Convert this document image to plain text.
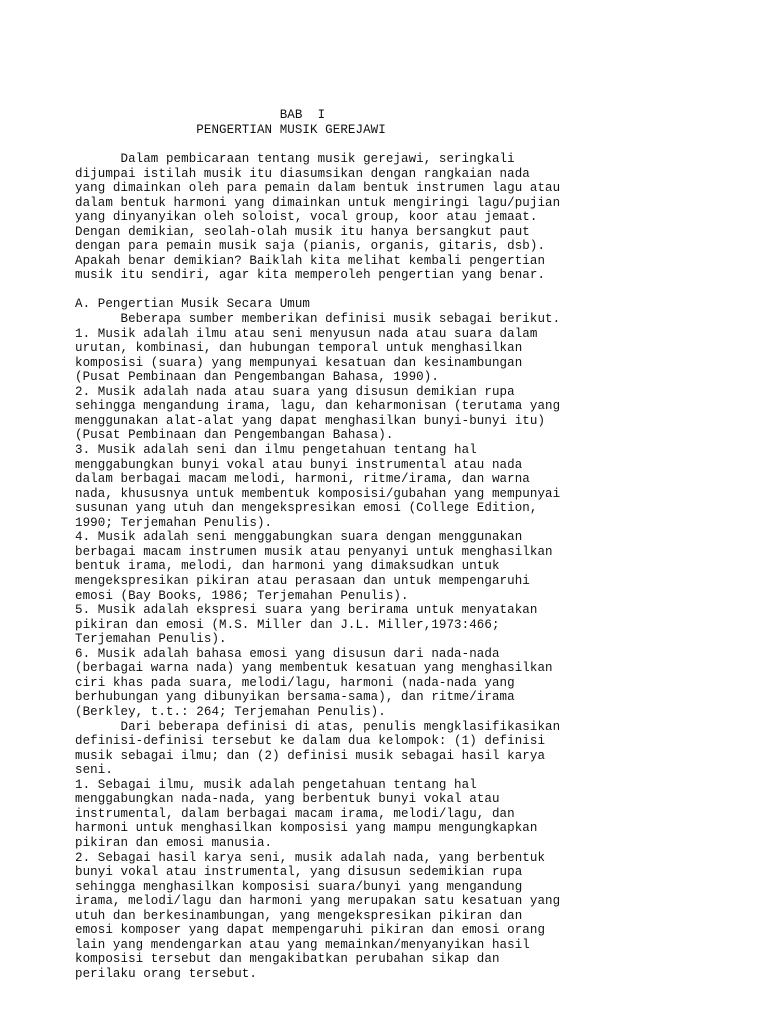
BAB  I
PENGERTIAN MUSIK GEREJAWI
Dalam pembicaraan tentang musik gerejawi, seringkali
dijumpai istilah musik itu diasumsikan dengan rangkaian nada
yang dimainkan oleh para pemain dalam bentuk instrumen lagu atau
dalam bentuk harmoni yang dimainkan untuk mengiringi lagu/pujian
yang dinyanyikan oleh soloist, vocal group, koor atau jemaat.
Dengan demikian, seolah-olah musik itu hanya bersangkut paut
dengan para pemain musik saja (pianis, organis, gitaris, dsb).
Apakah benar demikian? Baiklah kita melihat kembali pengertian
musik itu sendiri, agar kita memperoleh pengertian yang benar.
A. Pengertian Musik Secara Umum
Beberapa sumber memberikan definisi musik sebagai berikut.
1. Musik adalah ilmu atau seni menyusun nada atau suara dalam
urutan, kombinasi, dan hubungan temporal untuk menghasilkan
komposisi (suara) yang mempunyai kesatuan dan kesinambungan
(Pusat Pembinaan dan Pengembangan Bahasa, 1990).
2. Musik adalah nada atau suara yang disusun demikian rupa
sehingga mengandung irama, lagu, dan keharmonisan (terutama yang
menggunakan alat-alat yang dapat menghasilkan bunyi-bunyi itu)
(Pusat Pembinaan dan Pengembangan Bahasa).
3. Musik adalah seni dan ilmu pengetahuan tentang hal
menggabungkan bunyi vokal atau bunyi instrumental atau nada
dalam berbagai macam melodi, harmoni, ritme/irama, dan warna
nada, khususnya untuk membentuk komposisi/gubahan yang mempunyai
susunan yang utuh dan mengekspresikan emosi (College Edition,
1990; Terjemahan Penulis).
4. Musik adalah seni menggabungkan suara dengan menggunakan
berbagai macam instrumen musik atau penyanyi untuk menghasilkan
bentuk irama, melodi, dan harmoni yang dimaksudkan untuk
mengekspresikan pikiran atau perasaan dan untuk mempengaruhi
emosi (Bay Books, 1986; Terjemahan Penulis).
5. Musik adalah ekspresi suara yang berirama untuk menyatakan
pikiran dan emosi (M.S. Miller dan J.L. Miller,1973:466;
Terjemahan Penulis).
6. Musik adalah bahasa emosi yang disusun dari nada-nada
(berbagai warna nada) yang membentuk kesatuan yang menghasilkan
ciri khas pada suara, melodi/lagu, harmoni (nada-nada yang
berhubungan yang dibunyikan bersama-sama), dan ritme/irama
(Berkley, t.t.: 264; Terjemahan Penulis).
Dari beberapa definisi di atas, penulis mengklasifikasikan
definisi-definisi tersebut ke dalam dua kelompok: (1) definisi
musik sebagai ilmu; dan (2) definisi musik sebagai hasil karya
seni.
1. Sebagai ilmu, musik adalah pengetahuan tentang hal
menggabungkan nada-nada, yang berbentuk bunyi vokal atau
instrumental, dalam berbagai macam irama, melodi/lagu, dan
harmoni untuk menghasilkan komposisi yang mampu mengungkapkan
pikiran dan emosi manusia.
2. Sebagai hasil karya seni, musik adalah nada, yang berbentuk
bunyi vokal atau instrumental, yang disusun sedemikian rupa
sehingga menghasilkan komposisi suara/bunyi yang mengandung
irama, melodi/lagu dan harmoni yang merupakan satu kesatuan yang
utuh dan berkesinambungan, yang mengekspresikan pikiran dan
emosi komposer yang dapat mempengaruhi pikiran dan emosi orang
lain yang mendengarkan atau yang memainkan/menyanyikan hasil
komposisi tersebut dan mengakibatkan perubahan sikap dan
perilaku orang tersebut.
